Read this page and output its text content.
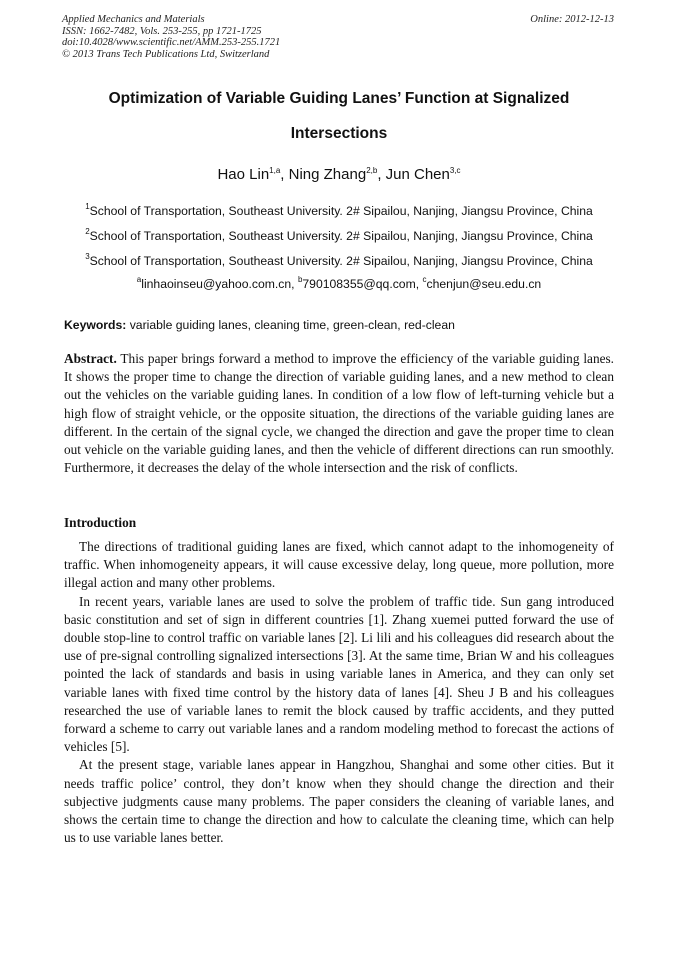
Applied Mechanics and Materials
ISSN: 1662-7482, Vols. 253-255, pp 1721-1725
doi:10.4028/www.scientific.net/AMM.253-255.1721
© 2013 Trans Tech Publications Ltd, Switzerland
Online: 2012-12-13
Optimization of Variable Guiding Lanes’ Function at Signalized
Intersections
Hao Lin$^{1,a}$, Ning Zhang$^{2,b}$, Jun Chen$^{3,c}$
$^1$School of Transportation, Southeast University. 2# Sipailou, Nanjing, Jiangsu Province, China
$^2$School of Transportation, Southeast University. 2# Sipailou, Nanjing, Jiangsu Province, China
$^3$School of Transportation, Southeast University. 2# Sipailou, Nanjing, Jiangsu Province, China
$^a$linhaoinseu@yahoo.com.cn, $^b$790108355@qq.com, $^c$chenjun@seu.edu.cn
Keywords: variable guiding lanes, cleaning time, green-clean, red-clean
Abstract. This paper brings forward a method to improve the efficiency of the variable guiding lanes. It shows the proper time to change the direction of variable guiding lanes, and a new method to clean out the vehicles on the variable guiding lanes. In condition of a low flow of left-turning vehicle but a high flow of straight vehicle, or the opposite situation, the directions of the variable guiding lanes are different. In the certain of the signal cycle, we changed the direction and gave the proper time to clean out vehicle on the variable guiding lanes, and then the vehicle of different directions can run smoothly. Furthermore, it decreases the delay of the whole intersection and the risk of conflicts.
Introduction

The directions of traditional guiding lanes are fixed, which cannot adapt to the inhomogeneity of traffic. When inhomogeneity appears, it will cause excessive delay, long queue, more pollution, more illegal action and many other problems.

In recent years, variable lanes are used to solve the problem of traffic tide. Sun gang introduced basic constitution and set of sign in different countries [1]. Zhang xuemei putted forward the use of double stop-line to control traffic on variable lanes [2]. Li lili and his colleagues did research about the use of pre-signal controlling signalized intersections [3]. At the same time, Brian W and his colleagues pointed the lack of standards and basis in using variable lanes in America, and they can only set variable lanes with fixed time control by the history data of lanes [4]. Sheu J B and his colleagues researched the use of variable lanes to remit the block caused by traffic accidents, and they putted forward a scheme to carry out variable lanes and a random modeling method to forecast the actions of vehicles [5].

At the present stage, variable lanes appear in Hangzhou, Shanghai and some other cities. But it needs traffic police’ control, they don’t know when they should change the direction and their subjective judgments cause many problems. The paper considers the cleaning of variable lanes, and shows the certain time to change the direction and how to calculate the cleaning time, which can help us to use variable lanes better.
